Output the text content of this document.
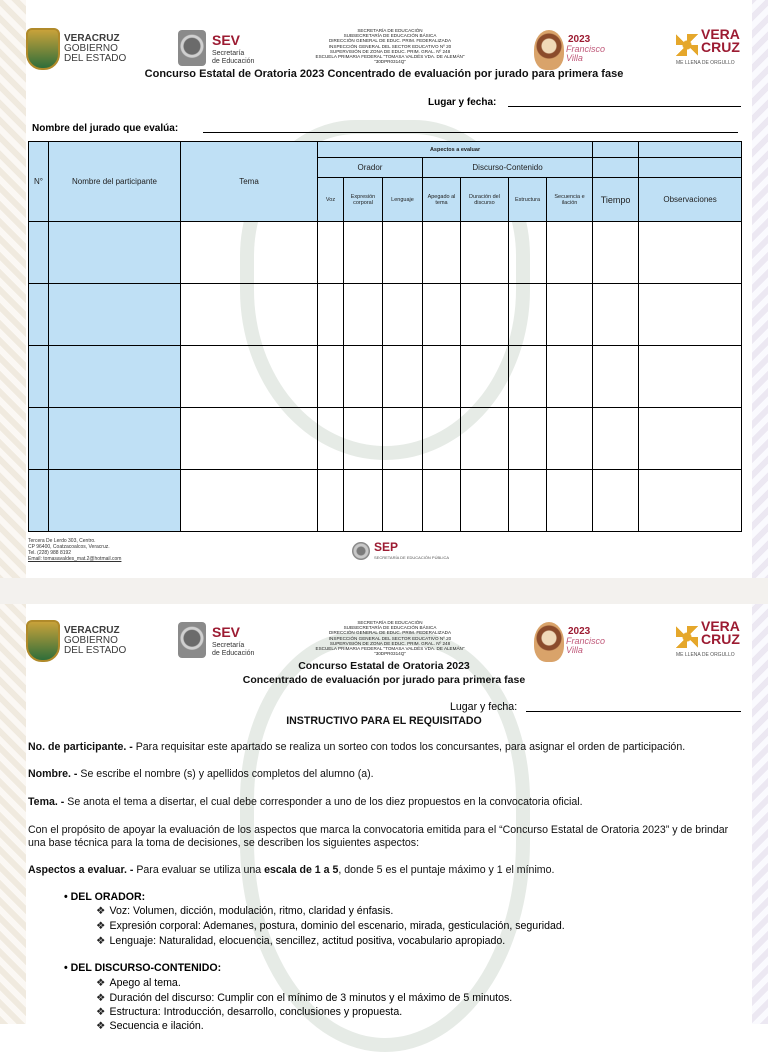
VERACRUZ
GOBIERNO
DEL ESTADO
SEV
Secretaría
de Educación
SECRETARÍA DE EDUCACIÓN
SUBSECRETARÍA DE EDUCACIÓN BÁSICA
DIRECCIÓN GENERAL DE EDUC. PRIM. FEDERALIZADA
INSPECCIÓN GENERAL DEL SECTOR EDUCATIVO Nº 20
SUPERVISIÓN DE ZONA DE EDUC. PRIM. GRAL. Nº 248
ESCUELA PRIMARIA FEDERAL "TOMASA VALDÉS VDA. DE ALEMÁN"
"30DPR0314Q"
2023
Francisco
Villa
VERA
CRUZ
ME LLENA DE ORGULLO
Concurso Estatal de Oratoria 2023 Concentrado de evaluación por jurado para primera fase
Lugar y fecha:
Nombre del jurado que evalúa:
N°	Nombre del participante	Tema	Aspectos a evaluar								
			Orador			Discurso-Contenido					
			Voz	Expresión corporal	Lenguaje	Apegado al tema	Duración del discurso	Estructura	Secuencia e ilación	Tiempo	Observaciones

Tercera De Lerdo 303, Centro.
CP 96400, Coatzacoalcos, Veracruz.
Tel. (228) 988 8192
Email: tomasavaldes_mat.2@hotmail.com
SEP
SECRETARÍA DE EDUCACIÓN PÚBLICA
VERACRUZ
GOBIERNO
DEL ESTADO
SEV
Secretaría
de Educación
SECRETARÍA DE EDUCACIÓN
SUBSECRETARÍA DE EDUCACIÓN BÁSICA
DIRECCIÓN GENERAL DE EDUC. PRIM. FEDERALIZADA
INSPECCIÓN GENERAL DEL SECTOR EDUCATIVO Nº 20
SUPERVISIÓN DE ZONA DE EDUC. PRIM. GRAL. Nº 248
ESCUELA PRIMARIA FEDERAL "TOMASA VALDÉS VDA. DE ALEMÁN"
"30DPR0314Q"
2023
Francisco
Villa
VERA
CRUZ
ME LLENA DE ORGULLO
Concurso Estatal de Oratoria 2023
Concentrado de evaluación por jurado para primera fase
Lugar y fecha:
INSTRUCTIVO PARA EL REQUISITADO
No. de participante. - Para requisitar este apartado se realiza un sorteo con todos los concursantes, para asignar el orden de participación.
Nombre. - Se escribe el nombre (s) y apellidos completos del alumno (a).
Tema. - Se anota el tema a disertar, el cual debe corresponder a uno de los diez propuestos en la convocatoria oficial.
Con el propósito de apoyar la evaluación de los aspectos que marca la convocatoria emitida para el “Concurso Estatal de Oratoria 2023” y de brindar una base técnica para la toma de decisiones, se describen los siguientes aspectos:
Aspectos a evaluar. - Para evaluar se utiliza una escala de 1 a 5, donde 5 es el puntaje máximo y 1 el mínimo.
• DEL ORADOR:
❖ Voz: Volumen, dicción, modulación, ritmo, claridad y énfasis.
❖ Expresión corporal: Ademanes, postura, dominio del escenario, mirada, gesticulación, seguridad.
❖ Lenguaje: Naturalidad, elocuencia, sencillez, actitud positiva, vocabulario apropiado.
• DEL DISCURSO-CONTENIDO:
❖ Apego al tema.
❖ Duración del discurso: Cumplir con el mínimo de 3 minutos y el máximo de 5 minutos.
❖ Estructura: Introducción, desarrollo, conclusiones y propuesta.
❖ Secuencia e ilación.
